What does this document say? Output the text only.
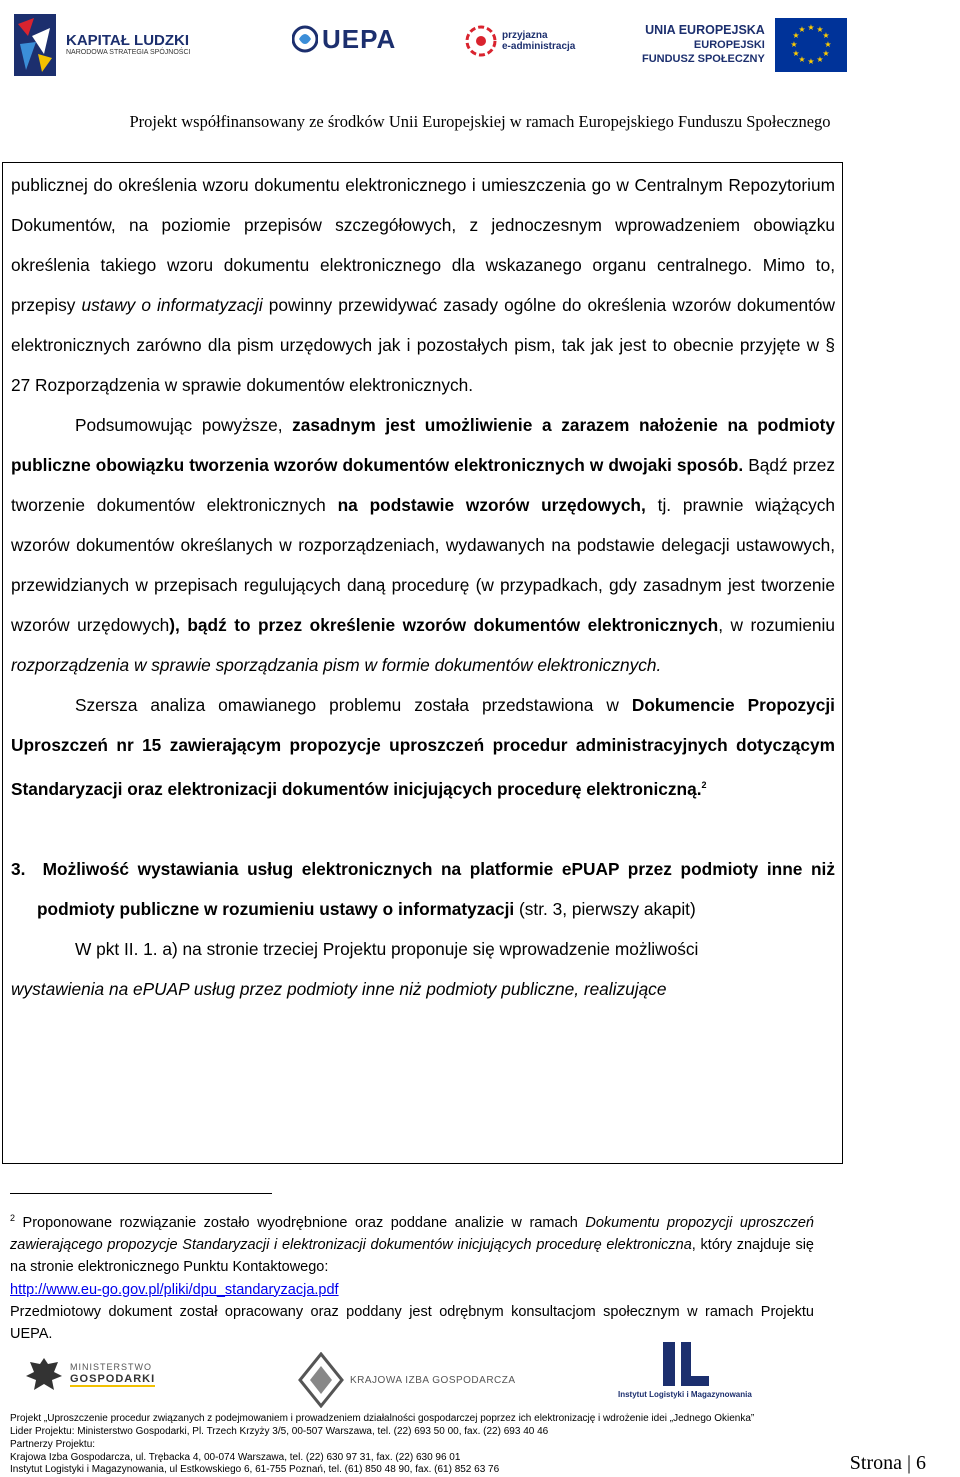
KAPITAŁ LUDZKI
NARODOWA STRATEGIA SPÓJNOŚCI	UEPA	przyjazna
e-administracja
UNIA EUROPEJSKA
EUROPEJSKI
FUNDUSZ SPOŁECZNY
★ ★
★
★
★
★
★
★
★
★
★
★
Projekt współfinansowany ze środków Unii Europejskiej w ramach Europejskiego Funduszu Społecznego

publicznej do określenia wzoru dokumentu elektronicznego i umieszczenia go w Centralnym Repozytorium Dokumentów, na poziomie przepisów szczegółowych, z jednoczesnym wprowadzeniem obowiązku określenia takiego wzoru dokumentu elektronicznego dla wskazanego organu centralnego. Mimo to, przepisy ustawy o informatyzacji powinny przewidywać zasady ogólne do określenia wzorów dokumentów elektronicznych zarówno dla pism urzędowych jak i pozostałych pism, tak jak jest to obecnie przyjęte w § 27 Rozporządzenia w sprawie dokumentów elektronicznych.

Podsumowując powyższe, zasadnym jest umożliwienie a zarazem nałożenie na podmioty publiczne obowiązku tworzenia wzorów dokumentów elektronicznych w dwojaki sposób. Bądź przez tworzenie dokumentów elektronicznych na podstawie wzorów urzędowych, tj. prawnie wiążących wzorów dokumentów określanych w rozporządzeniach, wydawanych na podstawie delegacji ustawowych, przewidzianych w przepisach regulujących daną procedurę (w przypadkach, gdy zasadnym jest tworzenie wzorów urzędowych), bądź to przez określenie wzorów dokumentów elektronicznych, w rozumieniu rozporządzenia w sprawie sporządzania pism w formie dokumentów elektronicznych.

Szersza analiza omawianego problemu została przedstawiona w Dokumencie Propozycji Uproszczeń nr 15 zawierającym propozycje uproszczeń procedur administracyjnych dotyczącym Standaryzacji oraz elektronizacji dokumentów inicjujących procedurę elektroniczną.$^2$

3. Możliwość wystawiania usług elektronicznych na platformie ePUAP przez podmioty inne niż podmioty publiczne w rozumieniu ustawy o informatyzacji (str. 3, pierwszy akapit)

W pkt II. 1. a) na stronie trzeciej Projektu proponuje się wprowadzenie możliwości

wystawienia na ePUAP usług przez podmioty inne niż podmioty publiczne, realizujące

$^2$ Proponowane rozwiązanie zostało wyodrębnione oraz poddane analizie w ramach Dokumentu propozycji uproszczeń zawierającego propozycje Standaryzacji i elektronizacji dokumentów inicjujących procedurę elektroniczna, który znajduje się na stronie elektronicznego Punktu Kontaktowego:
http://www.eu-go.gov.pl/pliki/dpu_standaryzacja.pdf
Przedmiotowy dokument został opracowany oraz poddany jest odrębnym konsultacjom społecznym w ramach Projektu UEPA.
MINISTERSTWO
GOSPODARKI	KRAJOWA IZBA GOSPODARCZA
Instytut Logistyki i Magazynowania
Projekt „Uproszczenie procedur związanych z podejmowaniem i prowadzeniem działalności gospodarczej poprzez ich elektronizację i wdrożenie idei „Jednego Okienka”
Lider Projektu: Ministerstwo Gospodarki, Pl. Trzech Krzyży 3/5, 00-507 Warszawa, tel. (22) 693 50 00, fax. (22) 693 40 46
Partnerzy Projektu:
Krajowa Izba Gospodarcza, ul. Trębacka 4, 00-074 Warszawa, tel. (22) 630 97 31, fax. (22) 630 96 01
Instytut Logistyki i Magazynowania, ul Estkowskiego 6, 61-755 Poznań, tel. (61) 850 48 90, fax. (61) 852 63 76	Strona | 6
